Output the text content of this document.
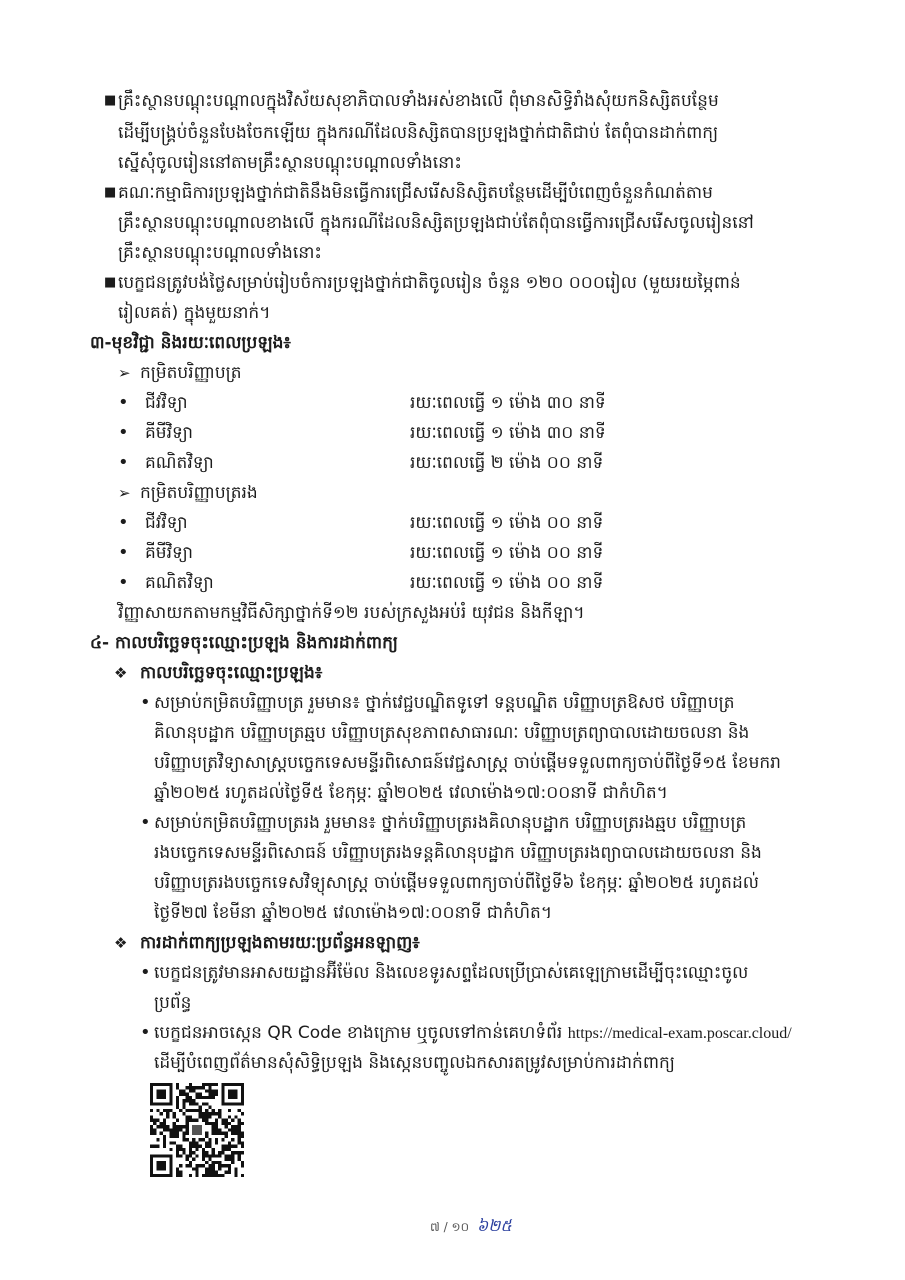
■ គ្រឹះស្ថានបណ្តុះបណ្តាលក្នុងវិស័យសុខាភិបាលទាំងអស់ខាងលើ ពុំមានសិទ្ធិរាំងសុំយកនិស្សិតបន្ថែម
ដើម្បីបង្គ្រប់ចំនួនបែងចែកឡើយ ក្នុងករណីដែលនិស្សិតបានប្រឡងថ្នាក់ជាតិជាប់ តែពុំបានដាក់ពាក្យ
ស្នើសុំចូលរៀននៅតាមគ្រឹះស្ថានបណ្តុះបណ្តាលទាំងនោះ
■ គណៈកម្មាធិការប្រឡងថ្នាក់ជាតិនឹងមិនធ្វើការជ្រើសរើសនិស្សិតបន្ថែមដើម្បីបំពេញចំនួនកំណត់តាម
គ្រឹះស្ថានបណ្តុះបណ្តាលខាងលើ ក្នុងករណីដែលនិស្សិតប្រឡងជាប់តែពុំបានធ្វើការជ្រើសរើសចូលរៀននៅ
គ្រឹះស្ថានបណ្តុះបណ្តាលទាំងនោះ
■ បេក្ខជនត្រូវបង់ថ្លៃសម្រាប់រៀបចំការប្រឡងថ្នាក់ជាតិចូលរៀន ចំនួន ១២០ ០០០រៀល (មួយរយម្ភៃពាន់
រៀលគត់) ក្នុងមួយនាក់។
៣-មុខវិជ្ជា និងរយៈពេលប្រឡង៖
➢ កម្រិតបរិញ្ញាបត្រ
• ជីវវិទ្យា	រយៈពេលធ្វើ ១ ម៉ោង ៣០ នាទី
• គីមីវិទ្យា	រយៈពេលធ្វើ ១ ម៉ោង ៣០ នាទី
• គណិតវិទ្យា	រយៈពេលធ្វើ ២ ម៉ោង ០០ នាទី
➢ កម្រិតបរិញ្ញាបត្ររង
• ជីវវិទ្យា	រយៈពេលធ្វើ ១ ម៉ោង ០០ នាទី
• គីមីវិទ្យា	រយៈពេលធ្វើ ១ ម៉ោង ០០ នាទី
• គណិតវិទ្យា	រយៈពេលធ្វើ ១ ម៉ោង ០០ នាទី
វិញ្ញាសាយកតាមកម្មវិធីសិក្សាថ្នាក់ទី១២ របស់ក្រសួងអប់រំ យុវជន និងកីឡា។
៤- កាលបរិច្ឆេទចុះឈ្មោះប្រឡង និងការដាក់ពាក្យ
❖ កាលបរិច្ឆេទចុះឈ្មោះប្រឡង៖
• សម្រាប់កម្រិតបរិញ្ញាបត្រ រួមមាន៖ ថ្នាក់វេជ្ជបណ្ឌិតទូទៅ ទន្តបណ្ឌិត បរិញ្ញាបត្រឱសថ បរិញ្ញាបត្រ
គិលានុបដ្ឋាក បរិញ្ញាបត្រឆ្មប បរិញ្ញាបត្រសុខភាពសាធារណៈ បរិញ្ញាបត្រព្យាបាលដោយចលនា និង
បរិញ្ញាបត្រវិទ្យាសាស្ត្របច្ចេកទេសមន្ទីរពិសោធន៍វេជ្ជសាស្ត្រ ចាប់ផ្តើមទទួលពាក្យចាប់ពីថ្ងៃទី១៥ ខែមករា
ឆ្នាំ២០២៥ រហូតដល់ថ្ងៃទី៥ ខែកុម្ភៈ ឆ្នាំ២០២៥ វេលាម៉ោង១៧:០០នាទី ជាកំហិត។
• សម្រាប់កម្រិតបរិញ្ញាបត្ររង រួមមាន៖ ថ្នាក់បរិញ្ញាបត្ររងគិលានុបដ្ឋាក បរិញ្ញាបត្ររងឆ្មប បរិញ្ញាបត្រ
រងបច្ចេកទេសមន្ទីរពិសោធន៍ បរិញ្ញាបត្ររងទន្តគិលានុបដ្ឋាក បរិញ្ញាបត្ររងព្យាបាលដោយចលនា និង
បរិញ្ញាបត្ររងបច្ចេកទេសវិទ្យុសាស្ត្រ ចាប់ផ្តើមទទួលពាក្យចាប់ពីថ្ងៃទី៦ ខែកុម្ភៈ ឆ្នាំ២០២៥ រហូតដល់
ថ្ងៃទី២៧ ខែមីនា ឆ្នាំ២០២៥ វេលាម៉ោង១៧:០០នាទី ជាកំហិត។
❖ ការដាក់ពាក្យប្រឡងតាមរយៈប្រព័ន្ធអនឡាញ៖
• បេក្ខជនត្រូវមានអាសយដ្ឋានអ៊ីម៉ែល និងលេខទូរសព្ទដែលប្រើប្រាស់គេឡេក្រាមដើម្បីចុះឈ្មោះចូល
ប្រព័ន្ធ
• បេក្ខជនអាចស្កេន QR Code ខាងក្រោម ឬចូលទៅកាន់គេហទំព័រ https://medical-exam.poscar.cloud/
ដើម្បីបំពេញព័ត៌មានសុំសិទ្ធិប្រឡង និងស្កេនបញ្ចូលឯកសារតម្រូវសម្រាប់ការដាក់ពាក្យ
៧ / ១០ ៦២៥
